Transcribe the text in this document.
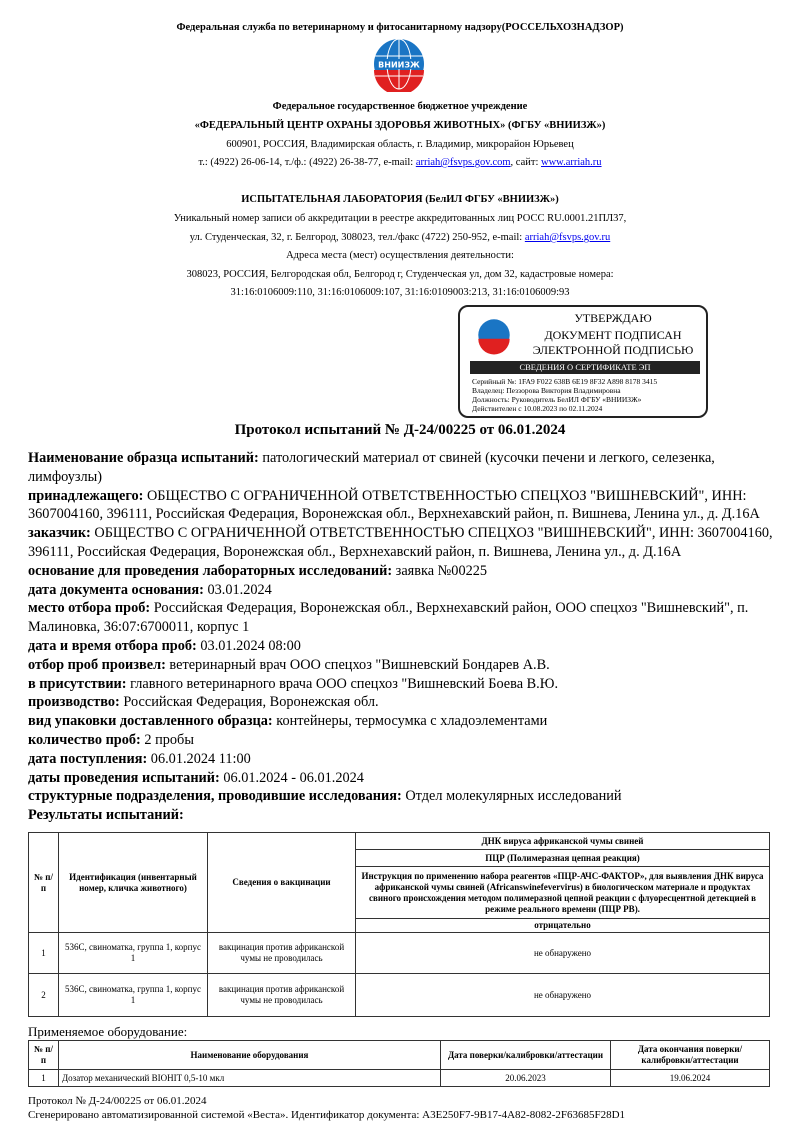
Федеральная служба по ветеринарному и фитосанитарному надзору(РОССЕЛЬХОЗНАДЗОР)
ВНИИЗЖ
Федеральное государственное бюджетное учреждение
«ФЕДЕРАЛЬНЫЙ ЦЕНТР ОХРАНЫ ЗДОРОВЬЯ ЖИВОТНЫХ» (ФГБУ «ВНИИЗЖ»)
600901, РОССИЯ, Владимирская область, г. Владимир, микрорайон Юрьевец
т.: (4922) 26-06-14, т./ф.: (4922) 26-38-77, e-mail: arriah@fsvps.gov.com, сайт: www.arriah.ru
ИСПЫТАТЕЛЬНАЯ ЛАБОРАТОРИЯ (БелИЛ ФГБУ «ВНИИЗЖ»)
Уникальный номер записи об аккредитации в реестре аккредитованных лиц РОСС RU.0001.21ПЛ37,
ул. Студенческая, 32, г. Белгород, 308023, тел./факс (4722) 250-952, e-mail: arriah@fsvps.gov.ru
Адреса места (мест) осуществления деятельности:
308023, РОССИЯ, Белгородская обл, Белгород г, Студенческая ул, дом 32, кадастровые номера:
31:16:0106009:110, 31:16:0106009:107, 31:16:0109003:213, 31:16:0106009:93
УТВЕРЖДАЮ
ДОКУМЕНТ ПОДПИСАН
ЭЛЕКТРОННОЙ ПОДПИСЬЮ
СВЕДЕНИЯ О СЕРТИФИКАТЕ ЭП
Серийный №: 1FA9 F022 638B 6E19 8F32 A898 8178 3415
Владелец: Пеззорова Виктория Владимировна
Должность: Руководитель БелИЛ ФГБУ «ВНИИЗЖ»
Действителен с 10.08.2023 по 02.11.2024
Протокол испытаний № Д-24/00225 от 06.01.2024
Наименование образца испытаний: патологический материал от свиней (кусочки печени и легкого, селезенка, лимфоузлы)
принадлежащего: ОБЩЕСТВО С ОГРАНИЧЕННОЙ ОТВЕТСТВЕННОСТЬЮ СПЕЦХОЗ "ВИШНЕВСКИЙ", ИНН: 3607004160, 396111, Российская Федерация, Воронежская обл., Верхнехавский район, п. Вишнева, Ленина ул., д. Д.16А
заказчик: ОБЩЕСТВО С ОГРАНИЧЕННОЙ ОТВЕТСТВЕННОСТЬЮ СПЕЦХОЗ "ВИШНЕВСКИЙ", ИНН: 3607004160, 396111, Российская Федерация, Воронежская обл., Верхнехавский район, п. Вишнева, Ленина ул., д. Д.16А
основание для проведения лабораторных исследований: заявка №00225
дата документа основания: 03.01.2024
место отбора проб: Российская Федерация, Воронежская обл., Верхнехавский район, ООО спецхоз "Вишневский", п. Малиновка, 36:07:6700011, корпус 1
дата и время отбора проб: 03.01.2024 08:00
отбор проб произвел: ветеринарный врач ООО спецхоз "Вишневский Бондарев А.В.
в присутствии: главного ветеринарного врача ООО спецхоз "Вишневский Боева В.Ю.
производство: Российская Федерация, Воронежская обл.
вид упаковки доставленного образца: контейнеры, термосумка с хладоэлементами
количество проб: 2 пробы
дата поступления: 06.01.2024 11:00
даты проведения испытаний: 06.01.2024 - 06.01.2024
структурные подразделения, проводившие исследования: Отдел молекулярных исследований
Результаты испытаний:
№ п/п	Идентификация (инвентарный номер, кличка животного)	Сведения о вакцинации	ДНК вируса африканской чумы свиней
			ПЦР (Полимеразная цепная реакция)
			Инструкция по применению набора реагентов «ПЦР-АЧС-ФАКТОР», для выявления ДНК вируса африканской чумы свиней (Africanswinefevervirus) в биологическом материале и продуктах свиного происхождения методом полимеразной цепной реакции с флуоресцентной детекцией в режиме реального времени (ПЦР РВ).
			отрицательно
1	536С, свиноматка, группа 1, корпус 1	вакцинация против африканской чумы не проводилась	не обнаружено
2	536С, свиноматка, группа 1, корпус 1	вакцинация против африканской чумы не проводилась	не обнаружено
Применяемое оборудование:
№ п/п	Наименование оборудования	Дата поверки/калибровки/аттестации	Дата окончания поверки/калибровки/аттестации
1	Дозатор механический BIOHIT 0,5-10 мкл	20.06.2023	19.06.2024
Протокол № Д-24/00225 от 06.01.2024
Сгенерировано автоматизированной системой «Веста». Идентификатор документа: A3E250F7-9B17-4A82-8082-2F63685F28D1
